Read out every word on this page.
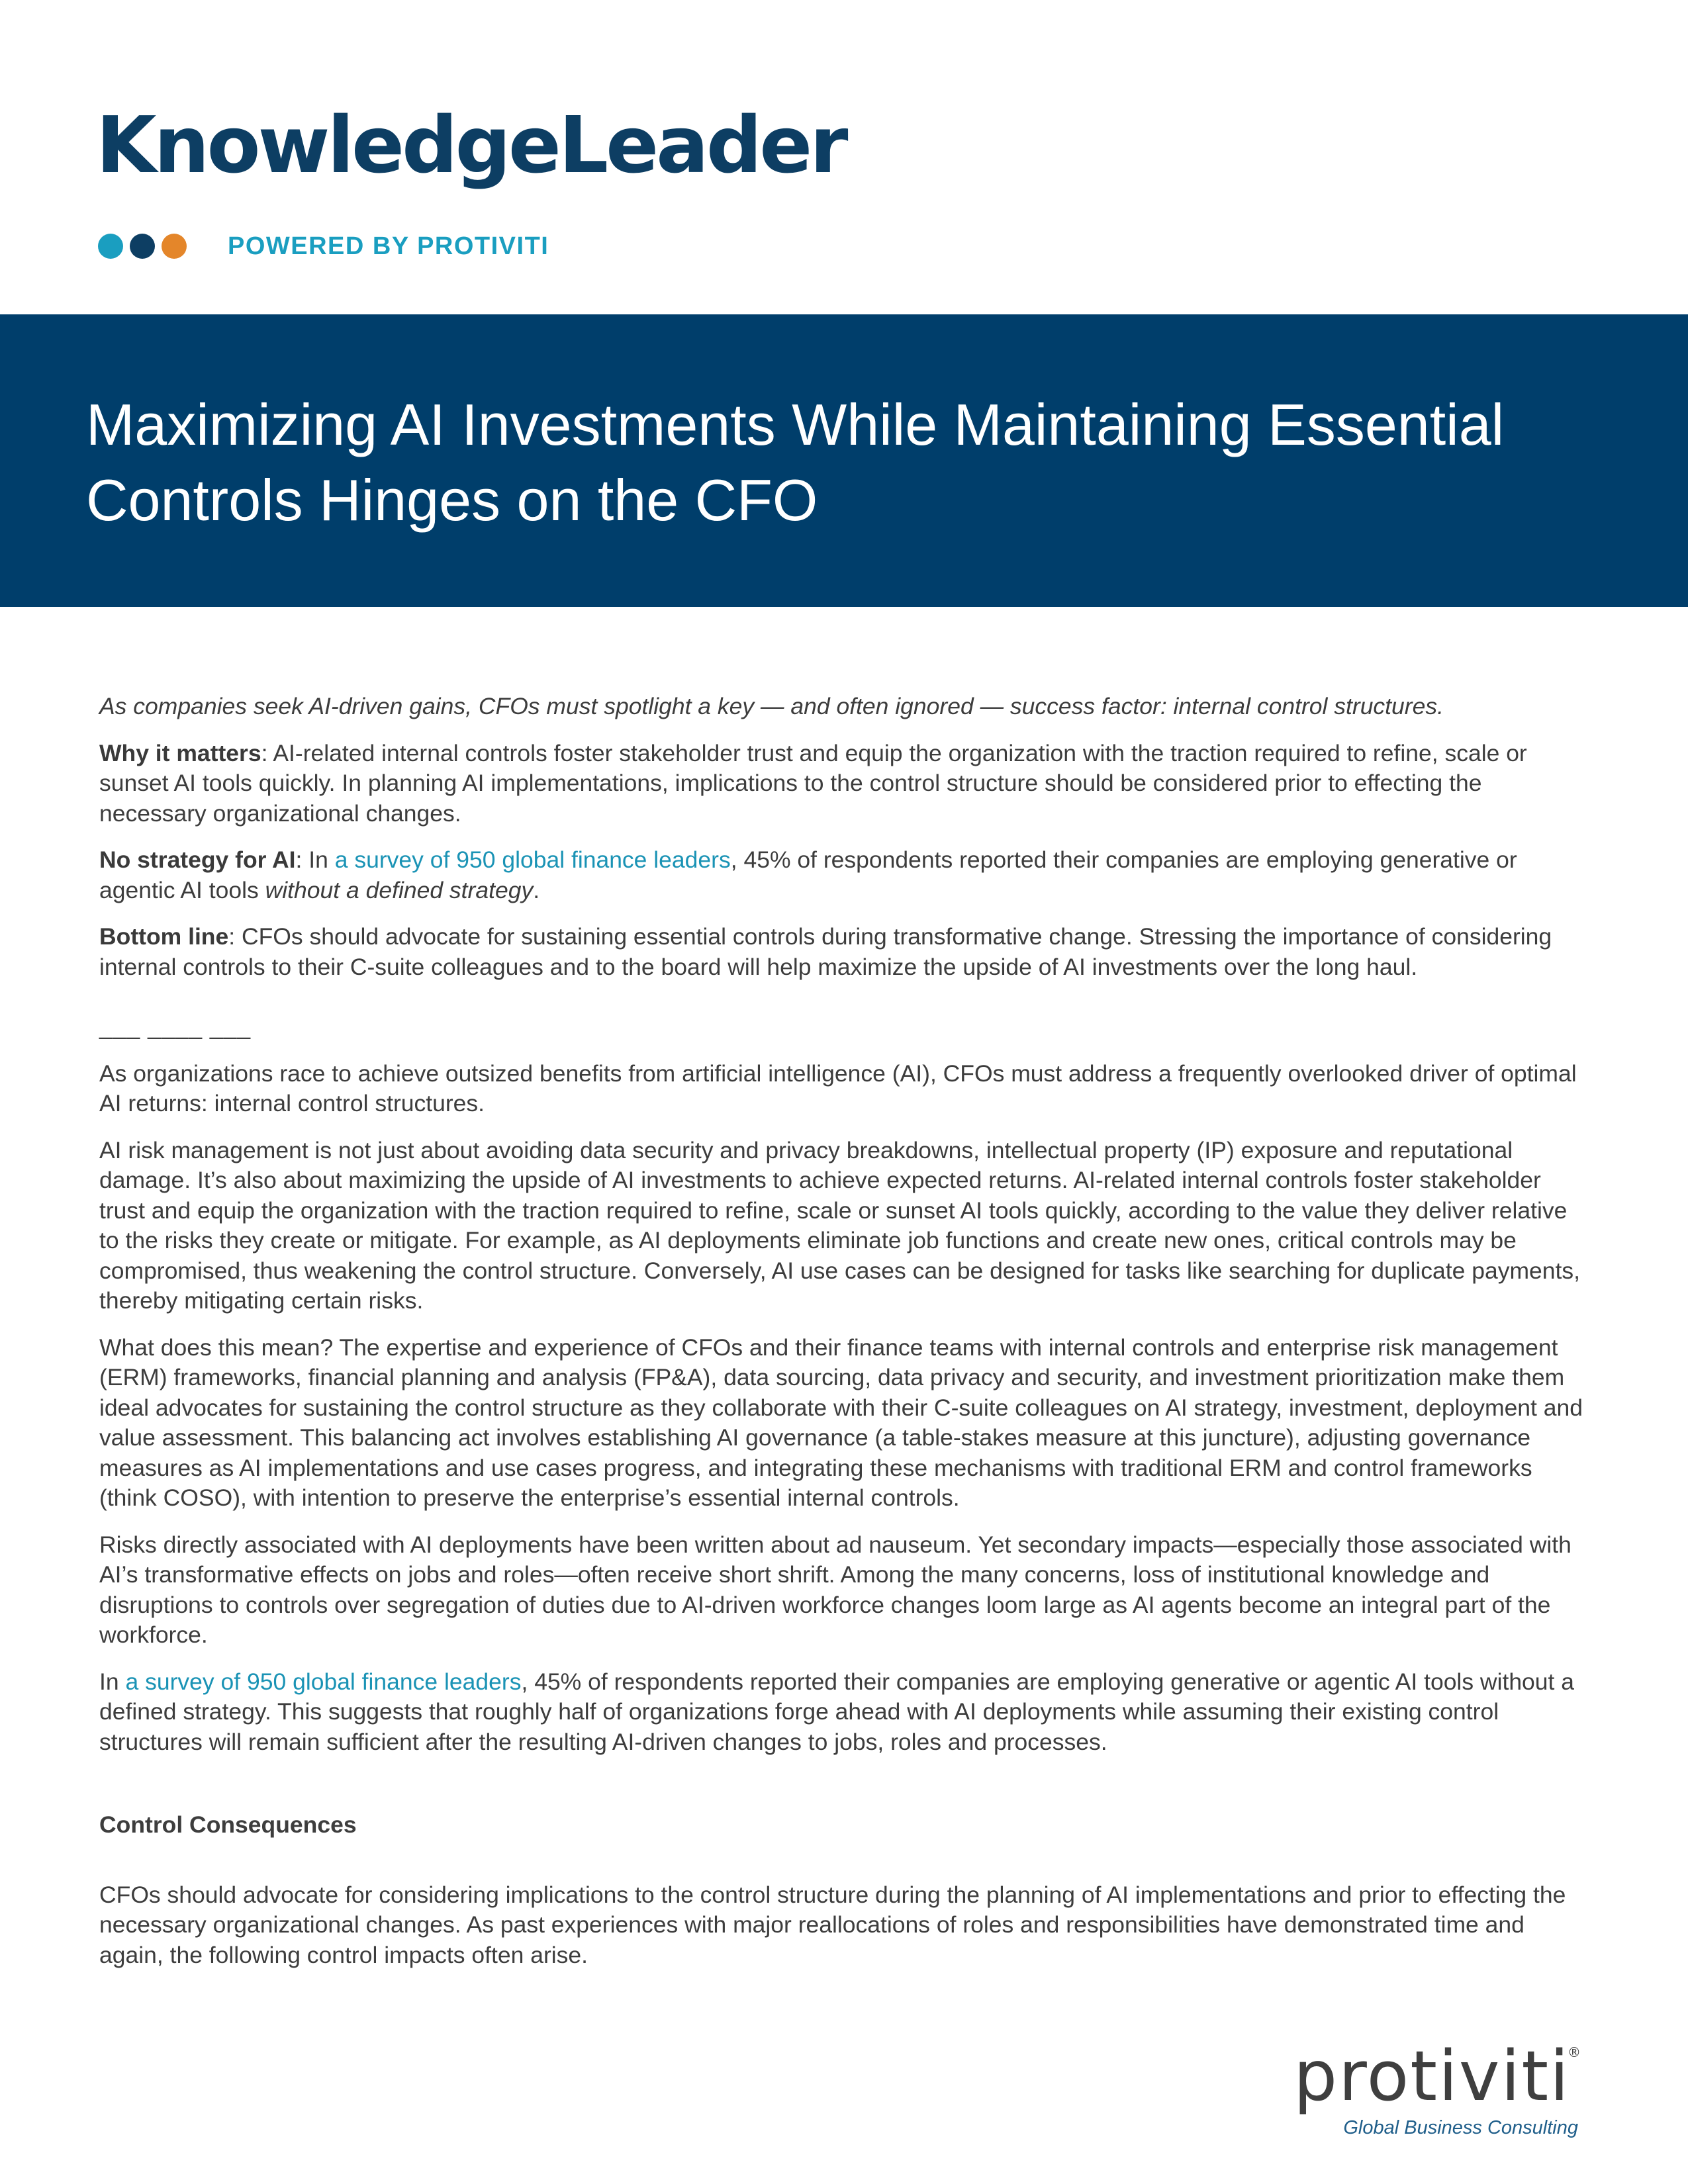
KnowledgeLeader
POWERED BY PROTIVITI
Maximizing AI Investments While Maintaining Essential
Controls Hinges on the CFO

As companies seek AI-driven gains, CFOs must spotlight a key — and often ignored — success factor: internal control structures.

Why it matters: AI-related internal controls foster stakeholder trust and equip the organization with the traction required to refine, scale or sunset AI tools quickly. In planning AI implementations, implications to the control structure should be considered prior to effecting the necessary organizational changes.

No strategy for AI: In a survey of 950 global finance leaders, 45% of respondents reported their companies are employing generative or agentic AI tools without a defined strategy.

Bottom line: CFOs should advocate for sustaining essential controls during transformative change. Stressing the importance of considering internal controls to their C-suite colleagues and to the board will help maximize the upside of AI investments over the long haul.

___ ____ ___

As organizations race to achieve outsized benefits from artificial intelligence (AI), CFOs must address a frequently overlooked driver of optimal AI returns: internal control structures.

AI risk management is not just about avoiding data security and privacy breakdowns, intellectual property (IP) exposure and reputational damage. It’s also about maximizing the upside of AI investments to achieve expected returns. AI-related internal controls foster stakeholder trust and equip the organization with the traction required to refine, scale or sunset AI tools quickly, according to the value they deliver relative to the risks they create or mitigate. For example, as AI deployments eliminate job functions and create new ones, critical controls may be compromised, thus weakening the control structure. Conversely, AI use cases can be designed for tasks like searching for duplicate payments, thereby mitigating certain risks.

What does this mean? The expertise and experience of CFOs and their finance teams with internal controls and enterprise risk management (ERM) frameworks, financial planning and analysis (FP&A), data sourcing, data privacy and security, and investment prioritization make them ideal advocates for sustaining the control structure as they collaborate with their C-suite colleagues on AI strategy, investment, deployment and value assessment. This balancing act involves establishing AI governance (a table-stakes measure at this juncture), adjusting governance measures as AI implementations and use cases progress, and integrating these mechanisms with traditional ERM and control frameworks (think COSO), with intention to preserve the enterprise’s essential internal controls.

Risks directly associated with AI deployments have been written about ad nauseum. Yet secondary impacts—especially those associated with AI’s transformative effects on jobs and roles—often receive short shrift. Among the many concerns, loss of institutional knowledge and disruptions to controls over segregation of duties due to AI-driven workforce changes loom large as AI agents become an integral part of the workforce.

In a survey of 950 global finance leaders, 45% of respondents reported their companies are employing generative or agentic AI tools without a defined strategy. This suggests that roughly half of organizations forge ahead with AI deployments while assuming their existing control structures will remain sufficient after the resulting AI-driven changes to jobs, roles and processes.

Control Consequences

CFOs should advocate for considering implications to the control structure during the planning of AI implementations and prior to effecting the necessary organizational changes. As past experiences with major reallocations of roles and responsibilities have demonstrated time and again, the following control impacts often arise.

protiviti
®
Global Business Consulting
